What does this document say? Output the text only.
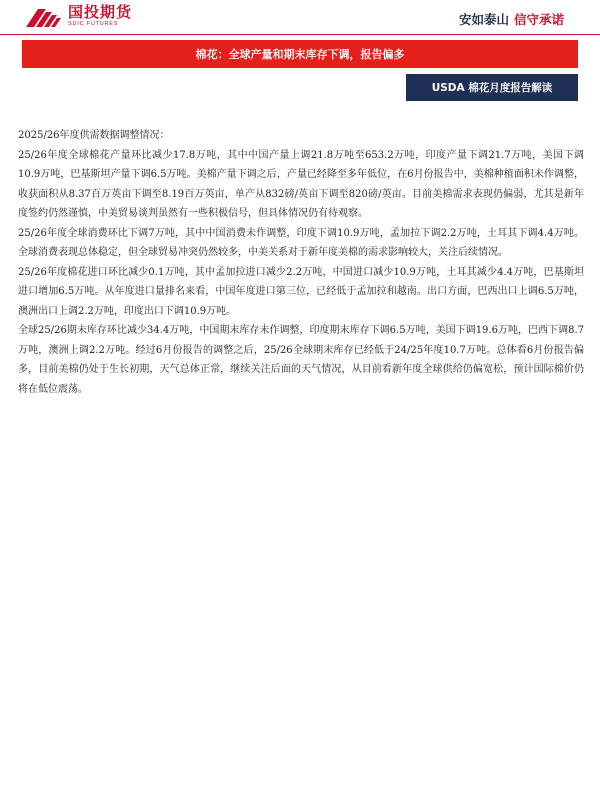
国投期货
SDIC FUTURES	安如泰山 信守承诺
棉花：全球产量和期末库存下调，报告偏多
USDA 棉花月度报告解读

2025/26年度供需数据调整情况：

25/26年度全球棉花产量环比减少17.8万吨，其中中国产量上调21.8万吨至653.2万吨，印度产量下调21.7万吨，美国下调10.9万吨，巴基斯坦产量下调6.5万吨。美棉产量下调之后，产量已经降至多年低位，在6月份报告中，美棉种植面积未作调整，收获面积从8.37百万英亩下调至8.19百万英亩，单产从832磅/英亩下调至820磅/英亩。目前美棉需求表现仍偏弱，尤其是新年度签约仍然谨慎，中美贸易谈判虽然有一些积极信号，但具体情况仍有待观察。

25/26年度全球消费环比下调7万吨，其中中国消费未作调整，印度下调10.9万吨，孟加拉下调2.2万吨，土耳其下调4.4万吨。全球消费表现总体稳定，但全球贸易冲突仍然较多，中美关系对于新年度美棉的需求影响较大，关注后续情况。

25/26年度棉花进口环比减少0.1万吨，其中孟加拉进口减少2.2万吨，中国进口减少10.9万吨，土耳其减少4.4万吨，巴基斯坦进口增加6.5万吨。从年度进口量排名来看，中国年度进口第三位，已经低于孟加拉和越南。出口方面，巴西出口上调6.5万吨，澳洲出口上调2.2万吨，印度出口下调10.9万吨。

全球25/26期末库存环比减少34.4万吨，中国期末库存未作调整，印度期末库存下调6.5万吨，美国下调19.6万吨，巴西下调8.7万吨，澳洲上调2.2万吨。经过6月份报告的调整之后，25/26全球期末库存已经低于24/25年度10.7万吨。总体看6月份报告偏多，目前美棉仍处于生长初期，天气总体正常，继续关注后面的天气情况，从目前看新年度全球供给仍偏宽松，预计国际棉价仍将在低位震荡。
